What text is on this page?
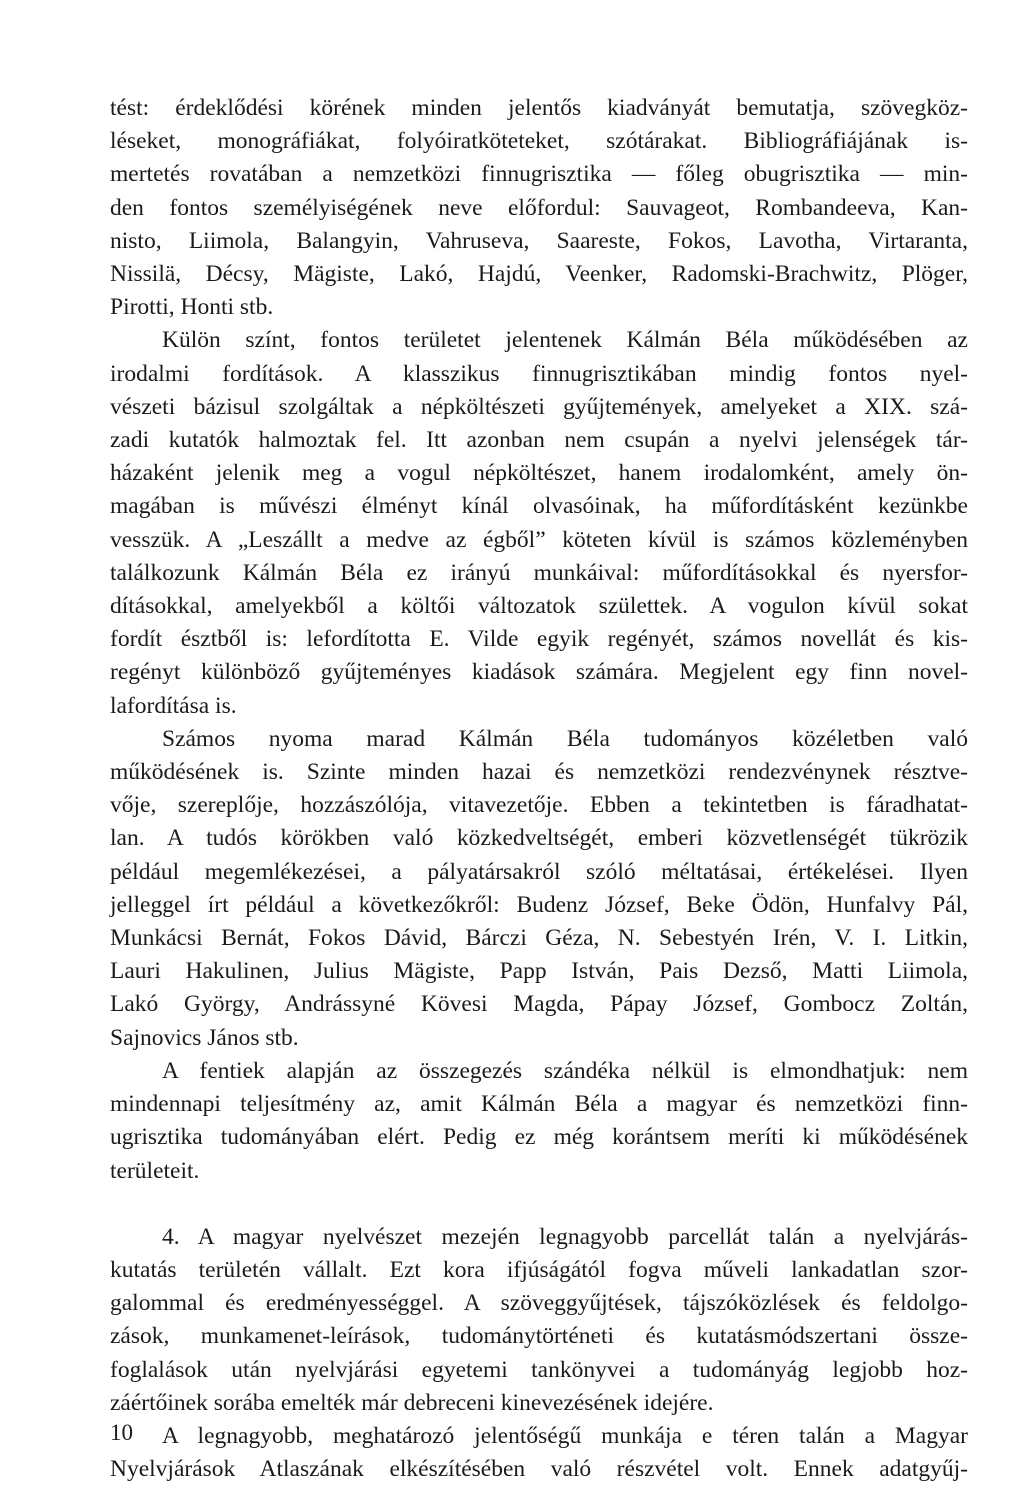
tést: érdeklődési körének minden jelentős kiadványát bemutatja, szövegköz-

léseket, monográfiákat, folyóiratköteteket, szótárakat. Bibliográfiájának is-

mertetés rovatában a nemzetközi finnugrisztika — főleg obugrisztika — min-

den fontos személyiségének neve előfordul: Sauvageot, Rombandeeva, Kan-

nisto, Liimola, Balangyin, Vahruseva, Saareste, Fokos, Lavotha, Virtaranta,

Nissilä, Décsy, Mägiste, Lakó, Hajdú, Veenker, Radomski-Brachwitz, Plöger,

Pirotti, Honti stb.

Külön színt, fontos területet jelentenek Kálmán Béla működésében az

irodalmi fordítások. A klasszikus finnugrisztikában mindig fontos nyel-

vészeti bázisul szolgáltak a népköltészeti gyűjtemények, amelyeket a XIX. szá-

zadi kutatók halmoztak fel. Itt azonban nem csupán a nyelvi jelenségek tár-

házaként jelenik meg a vogul népköltészet, hanem irodalomként, amely ön-

magában is művészi élményt kínál olvasóinak, ha műfordításként kezünkbe

vesszük. A „Leszállt a medve az égből” köteten kívül is számos közleményben

találkozunk Kálmán Béla ez irányú munkáival: műfordításokkal és nyersfor-

dításokkal, amelyekből a költői változatok születtek. A vogulon kívül sokat

fordít észtből is: lefordította E. Vilde egyik regényét, számos novellát és kis-

regényt különböző gyűjteményes kiadások számára. Megjelent egy finn novel-

lafordítása is.

Számos nyoma marad Kálmán Béla tudományos közéletben való

működésének is. Szinte minden hazai és nemzetközi rendezvénynek résztve-

vője, szereplője, hozzászólója, vitavezetője. Ebben a tekintetben is fáradhatat-

lan. A tudós körökben való közkedveltségét, emberi közvetlenségét tükrözik

például megemlékezései, a pályatársakról szóló méltatásai, értékelései. Ilyen

jelleggel írt például a következőkről: Budenz József, Beke Ödön, Hunfalvy Pál,

Munkácsi Bernát, Fokos Dávid, Bárczi Géza, N. Sebestyén Irén, V. I. Litkin,

Lauri Hakulinen, Julius Mägiste, Papp István, Pais Dezső, Matti Liimola,

Lakó György, Andrássyné Kövesi Magda, Pápay József, Gombocz Zoltán,

Sajnovics János stb.

A fentiek alapján az összegezés szándéka nélkül is elmondhatjuk: nem

mindennapi teljesítmény az, amit Kálmán Béla a magyar és nemzetközi finn-

ugrisztika tudományában elért. Pedig ez még korántsem meríti ki működésének

területeit.

4. A magyar nyelvészet mezején legnagyobb parcellát talán a nyelvjárás-

kutatás területén vállalt. Ezt kora ifjúságától fogva műveli lankadatlan szor-

galommal és eredményességgel. A szöveggyűjtések, tájszóközlések és feldolgo-

zások, munkamenet-leírások, tudománytörténeti és kutatásmódszertani össze-

foglalások után nyelvjárási egyetemi tankönyvei a tudományág legjobb hoz-

záértőinek sorába emelték már debreceni kinevezésének idejére.

A legnagyobb, meghatározó jelentőségű munkája e téren talán a Magyar

Nyelvjárások Atlaszának elkészítésében való részvétel volt. Ennek adatgyűj-

10
